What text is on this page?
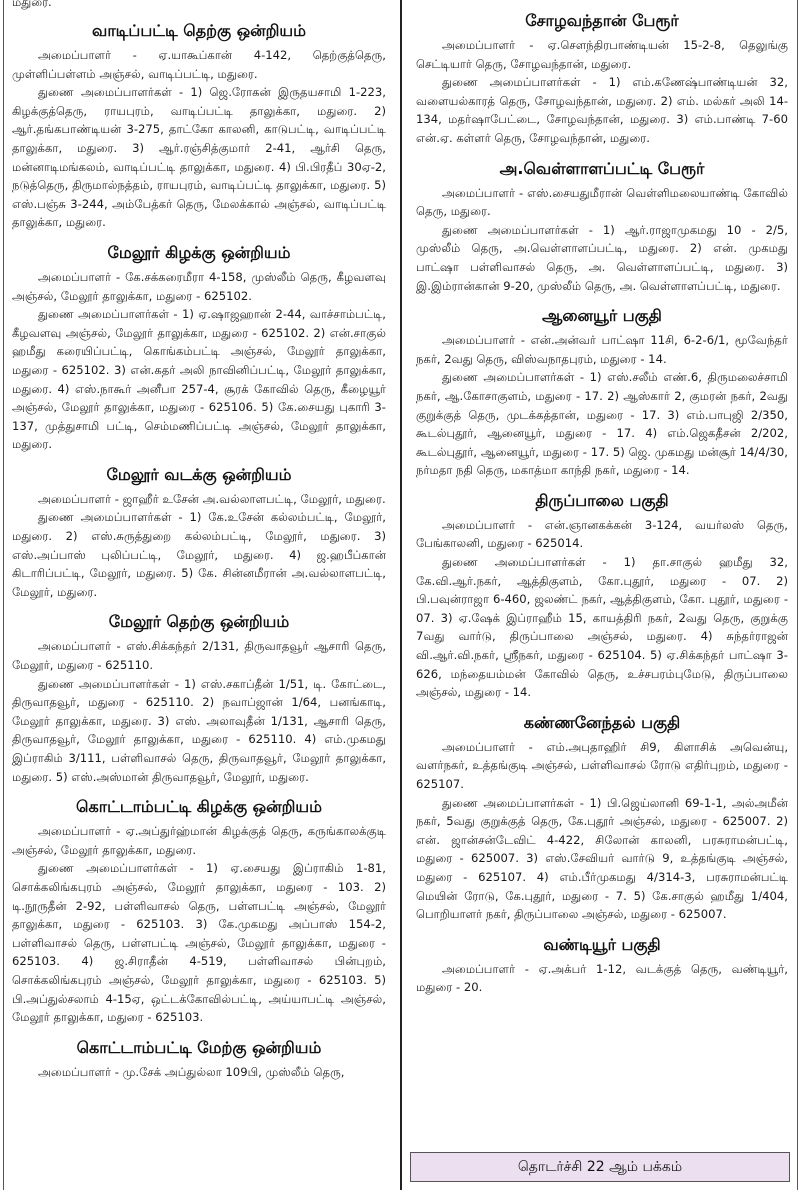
மதுரை.

வாடிப்பட்டி தெற்கு ஒன்றியம்

அமைப்பாளர் - ஏ.யாகூப்கான் 4-142, தெற்குத்தெரு, முள்ளிப்பள்ளம் அஞ்சல், வாடிப்பட்டி, மதுரை.

துணை அமைப்பாளர்கள் - 1) ஜெ.ரோகன் இருதயசாமி 1-223, கிழக்குத்தெரு, ராயபுரம், வாடிப்பட்டி தாலுக்கா, மதுரை. 2) ஆர்.தங்கபாண்டியன் 3-275, தாட்கோ காலனி, காடுபட்டி, வாடிப்பட்டி தாலுக்கா, மதுரை. 3) ஆர்.ரஞ்சித்குமார் 2-41, ஆர்சி தெரு, மன்னாடிமங்கலம், வாடிப்பட்டி தாலுக்கா, மதுரை. 4) பி.பிரதீப் 30ஏ-2, நடுத்தெரு, திருமால்நத்தம், ராயபுரம், வாடிப்பட்டி தாலுக்கா, மதுரை. 5) எஸ்.பஞ்சு 3-244, அம்பேத்கர் தெரு, மேலக்கால் அஞ்சல், வாடிப்பட்டி தாலுக்கா, மதுரை.

மேலூர் கிழக்கு ஒன்றியம்

அமைப்பாளர் - கே.சக்கரைமீரா 4-158, முஸ்லீம் தெரு, கீழவளவு அஞ்சல், மேலூர் தாலுக்கா, மதுரை - 625102.

துணை அமைப்பாளர்கள் - 1) ஏ.ஷாஜஹான் 2-44, வாச்சாம்பட்டி, கீழவளவு அஞ்சல், மேலூர் தாலுக்கா, மதுரை - 625102. 2) என்.சாகுல் ஹமீது கரையிப்பட்டி, கொங்கம்பட்டி அஞ்சல், மேலூர் தாலுக்கா, மதுரை - 625102. 3) என்.கதர் அலி நாவினிப்பட்டி, மேலூர் தாலுக்கா, மதுரை. 4) எஸ்.நாகூர் அனீபா 257-4, சூரக் கோவில் தெரு, கீழையூர் அஞ்சல், மேலூர் தாலுக்கா, மதுரை - 625106. 5) கே.சையது புகாரி 3-137, முத்துசாமி பட்டி, செம்மணிப்பட்டி அஞ்சல், மேலூர் தாலுக்கா, மதுரை.

மேலூர் வடக்கு ஒன்றியம்

அமைப்பாளர் - ஜாஹீர் உசேன் அ.வல்லாளபட்டி, மேலூர், மதுரை.

துணை அமைப்பாளர்கள் - 1) கே.உசேன் கல்லம்பட்டி, மேலூர், மதுரை. 2) எஸ்.சுருத்துறை கல்லம்பட்டி, மேலூர், மதுரை. 3) எஸ்.அப்பாஸ் புலிப்பட்டி, மேலூர், மதுரை. 4) ஜ.ஹபீப்கான் கிடாரிப்பட்டி, மேலூர், மதுரை. 5) கே. சின்னமீரான் அ.வல்லாளபட்டி, மேலூர், மதுரை.

மேலூர் தெற்கு ஒன்றியம்

அமைப்பாளர் - எஸ்.சிக்கந்தர் 2/131, திருவாதவூர் ஆசாரி தெரு, மேலூர், மதுரை - 625110.

துணை அமைப்பாளர்கள் - 1) எஸ்.சகாப்தீன் 1/51, டி. கோட்டை, திருவாதவூர், மதுரை - 625110. 2) நவாப்ஜான் 1/64, பனங்காடி, மேலூர் தாலுக்கா, மதுரை. 3) எஸ். அலாவுதீன் 1/131, ஆசாரி தெரு, திருவாதவூர், மேலூர் தாலுக்கா, மதுரை - 625110. 4) எம்.முகமது இப்ராகிம் 3/111, பள்ளிவாசல் தெரு, திருவாதவூர், மேலூர் தாலுக்கா, மதுரை. 5) எஸ்.அஸ்மான் திருவாதவூர், மேலூர், மதுரை.

கொட்டாம்பட்டி கிழக்கு ஒன்றியம்

அமைப்பாளர் - ஏ.அப்துர்ஹ்மான் கிழக்குத் தெரு, கருங்காலக்குடி அஞ்சல், மேலூர் தாலுக்கா, மதுரை.

துணை அமைப்பாளர்கள் - 1) ஏ.சையது இப்ராகிம் 1-81, சொக்கலிங்கபுரம் அஞ்சல், மேலூர் தாலுக்கா, மதுரை - 103. 2) டி.நூருதீன் 2-92, பள்ளிவாசல் தெரு, பள்ளபட்டி அஞ்சல், மேலூர் தாலுக்கா, மதுரை - 625103. 3) கே.முகமது அப்பாஸ் 154-2, பள்ளிவாசல் தெரு, பள்ளபட்டி அஞ்சல், மேலூர் தாலுக்கா, மதுரை - 625103. 4) ஜ.சிராதீன் 4-519, பள்ளிவாசல் பின்புறம், சொக்கலிங்கபுரம் அஞ்சல், மேலூர் தாலுக்கா, மதுரை - 625103. 5) பி.அப்துல்சலாம் 4-15ஏ, ஒட்டக்கோவில்பட்டி, அய்யாபட்டி அஞ்சல், மேலூர் தாலுக்கா, மதுரை - 625103.

கொட்டாம்பட்டி மேற்கு ஒன்றியம்

அமைப்பாளர் - மு.சேக் அப்துல்லா 109பி, முஸ்லீம் தெரு,

சோழவந்தான் பேரூர்

அமைப்பாளர் - ஏ.செளந்திரபாண்டியன் 15-2-8, தெலுங்கு செட்டியார் தெரு, சோழவந்தான், மதுரை.

துணை அமைப்பாளர்கள் - 1) எம்.கணேஷ்பாண்டியன் 32, வளையல்காரத் தெரு, சோழவந்தான், மதுரை. 2) எம். மல்கர் அலி 14-134, மதர்ஷாபேட்டை, சோழவந்தான், மதுரை. 3) எம்.பாண்டி 7-60 என்.ஏ. கள்ளர் தெரு, சோழவந்தான், மதுரை.

அ.வெள்ளாளப்பட்டி பேரூர்

அமைப்பாளர் - எஸ்.சையதுமீரான் வெள்ளிமலையாண்டி கோவில் தெரு, மதுரை.

துணை அமைப்பாளர்கள் - 1) ஆர்.ராஜாமுகமது 10 - 2/5, முஸ்லீம் தெரு, அ.வெள்ளாளப்பட்டி, மதுரை. 2) என். முகமது பாட்ஷா பள்ளிவாசல் தெரு, அ. வெள்ளாளப்பட்டி, மதுரை. 3) இ.இம்ரான்கான் 9-20, முஸ்லீம் தெரு, அ. வெள்ளாளப்பட்டி, மதுரை.

ஆனையூர் பகுதி

அமைப்பாளர் - என்.அன்வர் பாட்ஷா 11சி, 6-2-6/1, மூவேந்தர் நகர், 2வது தெரு, விஸ்வநாதபுரம், மதுரை - 14.

துணை அமைப்பாளர்கள் - 1) எஸ்.சலீம் எண்.6, திருமலைச்சாமி நகர், ஆ.கோசாகுளம், மதுரை - 17. 2) ஆஸ்கார் 2, குமரன் நகர், 2வது குறுக்குத் தெரு, முடக்கத்தான், மதுரை - 17. 3) எம்.பாபுஜி 2/350, கூடல்புதூர், ஆனையூர், மதுரை - 17. 4) எம்.ஜெகதீசன் 2/202, கூடல்புதூர், ஆனையூர், மதுரை - 17. 5) ஜெ. முகமது மன்சூர் 14/4/30, நர்மதா நதி தெரு, மகாத்மா காந்தி நகர், மதுரை - 14.

திருப்பாலை பகுதி

அமைப்பாளர் - என்.ஞானகக்கன் 3-124, வயர்லஸ் தெரு, பேங்காலனி, மதுரை - 625014.

துணை அமைப்பாளர்கள் - 1) தா.சாகுல் ஹமீது 32, கே.வி.ஆர்.நகர், ஆத்திகுளம், கோ.புதூர், மதுரை - 07. 2) பி.பவுன்ராஜா 6-460, ஜலண்ட் நகர், ஆத்திகுளம், கோ. புதூர், மதுரை - 07. 3) ஏ.ஷேக் இப்ராஹீம் 15, காயத்திரி நகர், 2வது தெரு, குறுக்கு 7வது வார்டு, திருப்பாலை அஞ்சல், மதுரை. 4) சுந்தர்ராஜன் வி.ஆர்.வி.நகர், ஸ்ரீநகர், மதுரை - 625104. 5) ஏ.சிக்கந்தர் பாட்ஷா 3-626, மந்தையம்மன் கோவில் தெரு, உச்சபரம்புமேடு, திருப்பாலை அஞ்சல், மதுரை - 14.

கண்ணனேந்தல் பகுதி

அமைப்பாளர் - எம்.அபுதாஹிர் சி9, கிளாசிக் அவென்யு, வளர்நகர், உத்தங்குடி அஞ்சல், பள்ளிவாசல் ரோடு எதிர்புறம், மதுரை - 625107.

துணை அமைப்பாளர்கள் - 1) பி.ஜெய்லானி 69-1-1, அல்அமீன் நகர், 5வது குறுக்குத் தெரு, கே.புதூர் அஞ்சல், மதுரை - 625007. 2) என். ஜான்சன்டேவிட் 4-422, சிலோன் காலனி, பரசுராமன்பட்டி, மதுரை - 625007. 3) எஸ்.சேவியர் வார்டு 9, உத்தங்குடி அஞ்சல், மதுரை - 625107. 4) எம்.பீர்முகமது 4/314-3, பரசுராமன்பட்டி மெயின் ரோடு, கே.புதூர், மதுரை - 7. 5) கே.சாகுல் ஹமீது 1/404, பொறியாளர் நகர், திருப்பாலை அஞ்சல், மதுரை - 625007.

வண்டியூர் பகுதி

அமைப்பாளர் - ஏ.அக்பர் 1-12, வடக்குத் தெரு, வண்டியூர், மதுரை - 20.

தொடர்ச்சி 22 ஆம் பக்கம்
